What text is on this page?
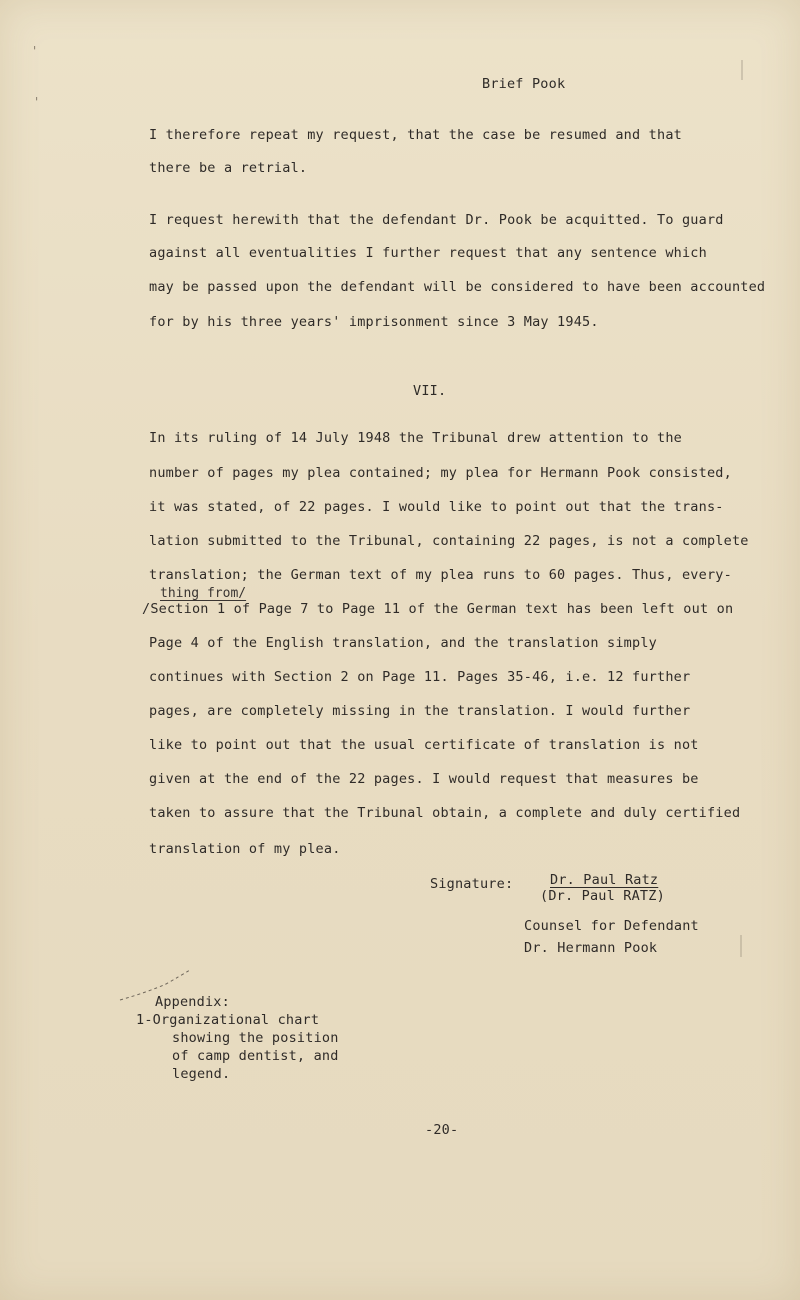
'
'
Brief Pook
I therefore repeat my request, that the case be resumed and that
there be a retrial.
I request herewith that the defendant Dr. Pook be acquitted. To guard
against all eventualities I further request that any sentence which
may be passed upon the defendant will be considered to have been accounted
for by his three years' imprisonment since 3 May 1945.
VII.
In its ruling of 14 July 1948 the Tribunal drew attention to the
number of pages my plea contained; my plea for Hermann Pook consisted,
it was stated, of 22 pages. I would like to point out that the trans-
lation submitted to the Tribunal, containing 22 pages, is not a complete
translation; the German text of my plea runs to 60 pages. Thus, every-
thing from/
/Section 1 of Page 7 to Page 11 of the German text has been left out on
Page 4 of the English translation, and the translation simply
continues with Section 2 on Page 11. Pages 35-46, i.e. 12 further
pages, are completely missing in the translation. I would further
like to point out that the usual certificate of translation is not
given at the end of the 22 pages. I would request that measures be
taken to assure that the Tribunal obtain, a complete and duly certified
translation of my plea.
Signature:	Dr. Paul Ratz
(Dr. Paul RATZ)
Counsel for Defendant
Dr. Hermann Pook
Appendix:
1-Organizational chart
showing the position
of camp dentist, and
legend.
-20-
